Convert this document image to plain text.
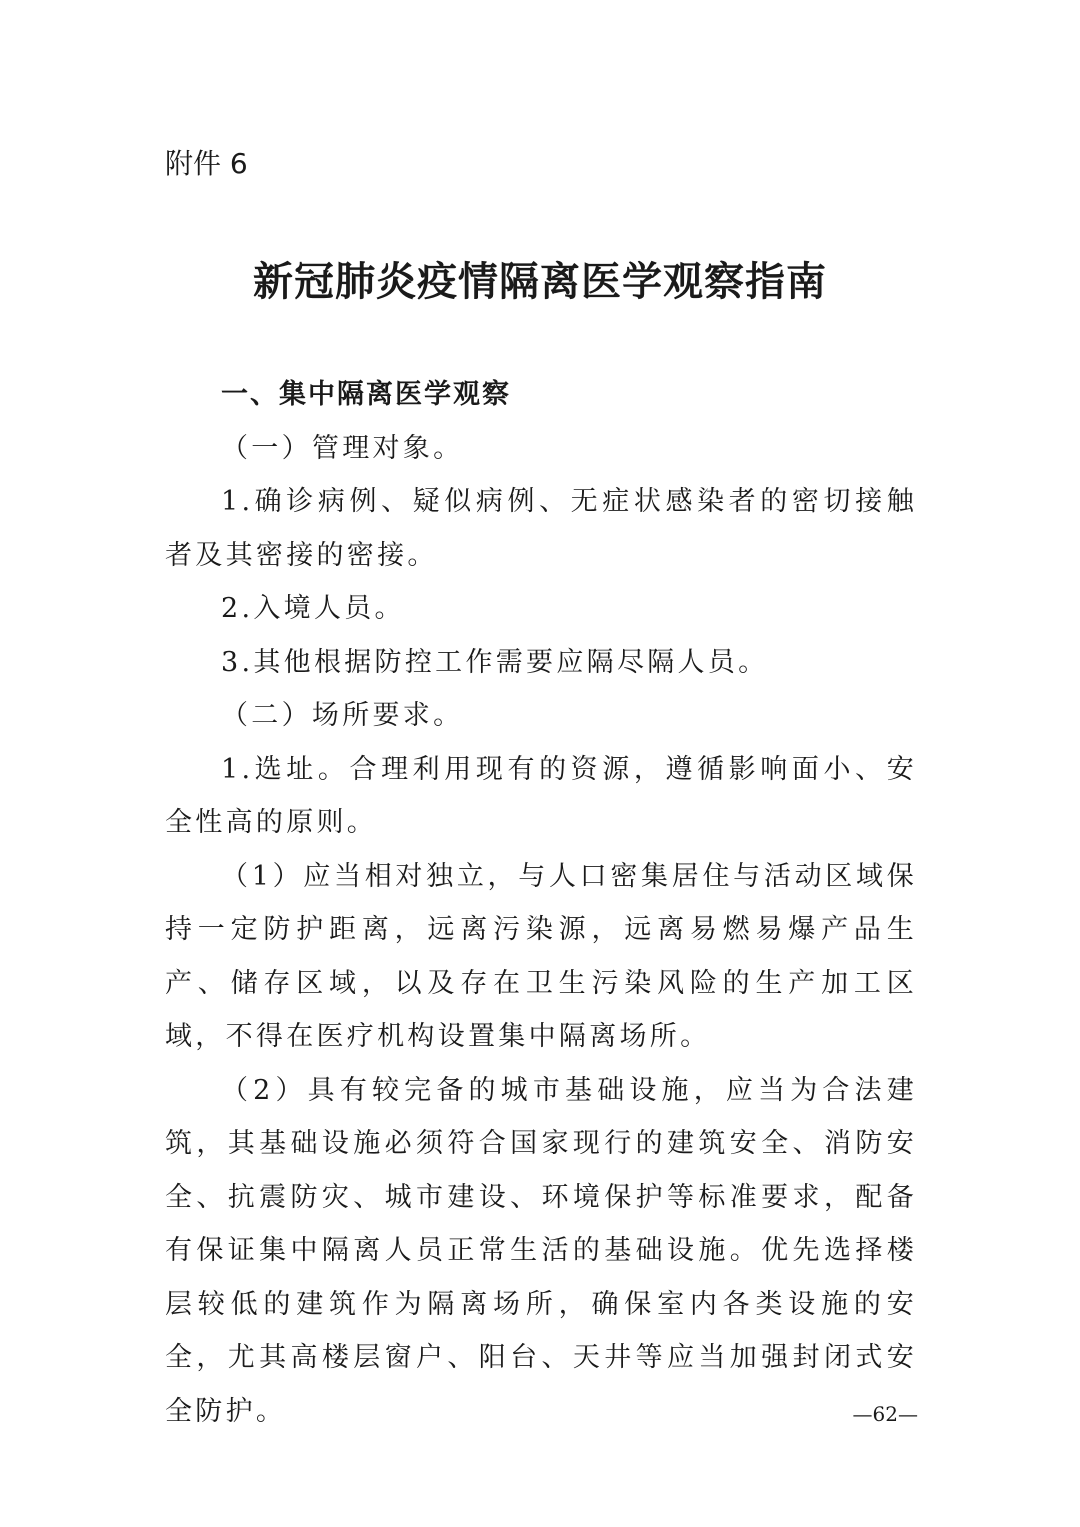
附件 6
新冠肺炎疫情隔离医学观察指南

一、集中隔离医学观察

（一）管理对象。

1.确诊病例、疑似病例、无症状感染者的密切接触者及其密接的密接。

2.入境人员。

3.其他根据防控工作需要应隔尽隔人员。

（二）场所要求。

1.选址。合理利用现有的资源，遵循影响面小、安全性高的原则。

（1）应当相对独立，与人口密集居住与活动区域保持一定防护距离，远离污染源，远离易燃易爆产品生产、储存区域，以及存在卫生污染风险的生产加工区域，不得在医疗机构设置集中隔离场所。

（2）具有较完备的城市基础设施，应当为合法建筑，其基础设施必须符合国家现行的建筑安全、消防安全、抗震防灾、城市建设、环境保护等标准要求，配备有保证集中隔离人员正常生活的基础设施。优先选择楼层较低的建筑作为隔离场所，确保室内各类设施的安全，尤其高楼层窗户、阳台、天井等应当加强封闭式安全防护。	—62—
